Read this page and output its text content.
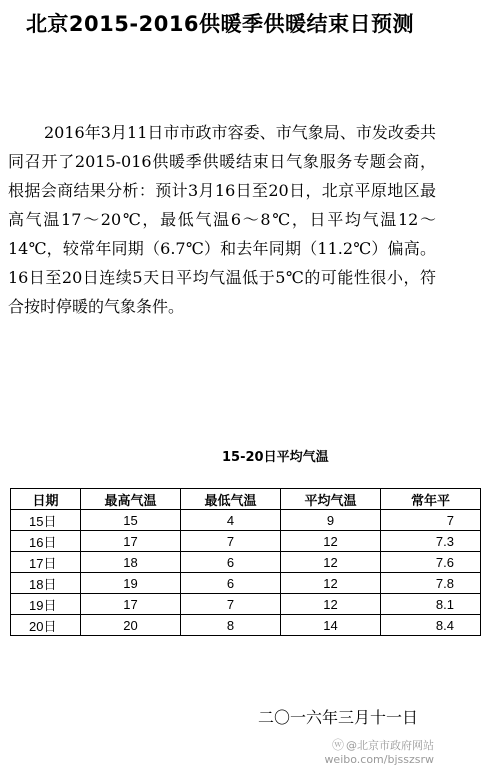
北京2015-2016供暖季供暖结束日预测

2016年3月11日市市政市容委、市气象局、市发改委共同召开了2015-016供暖季供暖结束日气象服务专题会商，根据会商结果分析：预计3月16日至20日，北京平原地区最高气温17～20℃，最低气温6～8℃，日平均气温12～14℃，较常年同期（6.7℃）和去年同期（11.2℃）偏高。16日至20日连续5天日平均气温低于5℃的可能性很小，符合按时停暖的气象条件。

15-20日平均气温

日期	最高气温	最低气温	平均气温	常年平
15日	15	4	9	7
16日	17	7	12	7.3
17日	18	6	12	7.6
18日	19	6	12	7.8
19日	17	7	12	8.1
20日	20	8	14	8.4

二〇一六年三月十一日

ⓦ @北京市政府网站
weibo.com/bjsszsrw
